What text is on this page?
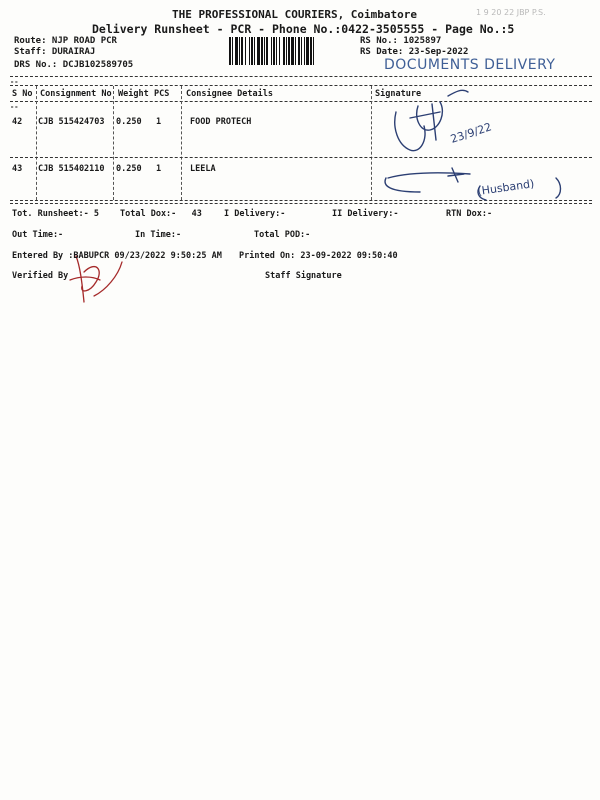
1 9 20 22 JBP P.S.
THE PROFESSIONAL COURIERS, Coimbatore
Delivery Runsheet - PCR - Phone No.:0422-3505555 - Page No.:5
Route: NJP ROAD PCR
Staff: DURAIRAJ
DRS No.: DCJB102589705
RS No.: 1025897
RS Date: 23-Sep-2022
DOCUMENTS DELIVERY
--
S No Consignment No Weight PCS Consignee Details	Signature
--
42 CJB 515424703 0.250 1	FOOD PROTECH
43 CJB 515402110 0.250 1	LEELA
23/9/22
(Husband)
Tot. Runsheet:- 5 Total Dox:-   43	I Delivery:-	II Delivery:-	RTN Dox:-
Out Time:-	In Time:-	Total POD:-
Entered By :BABUPCR 09/23/2022 9:50:25 AM Printed On: 23-09-2022 09:50:40
Verified By	Staff Signature
